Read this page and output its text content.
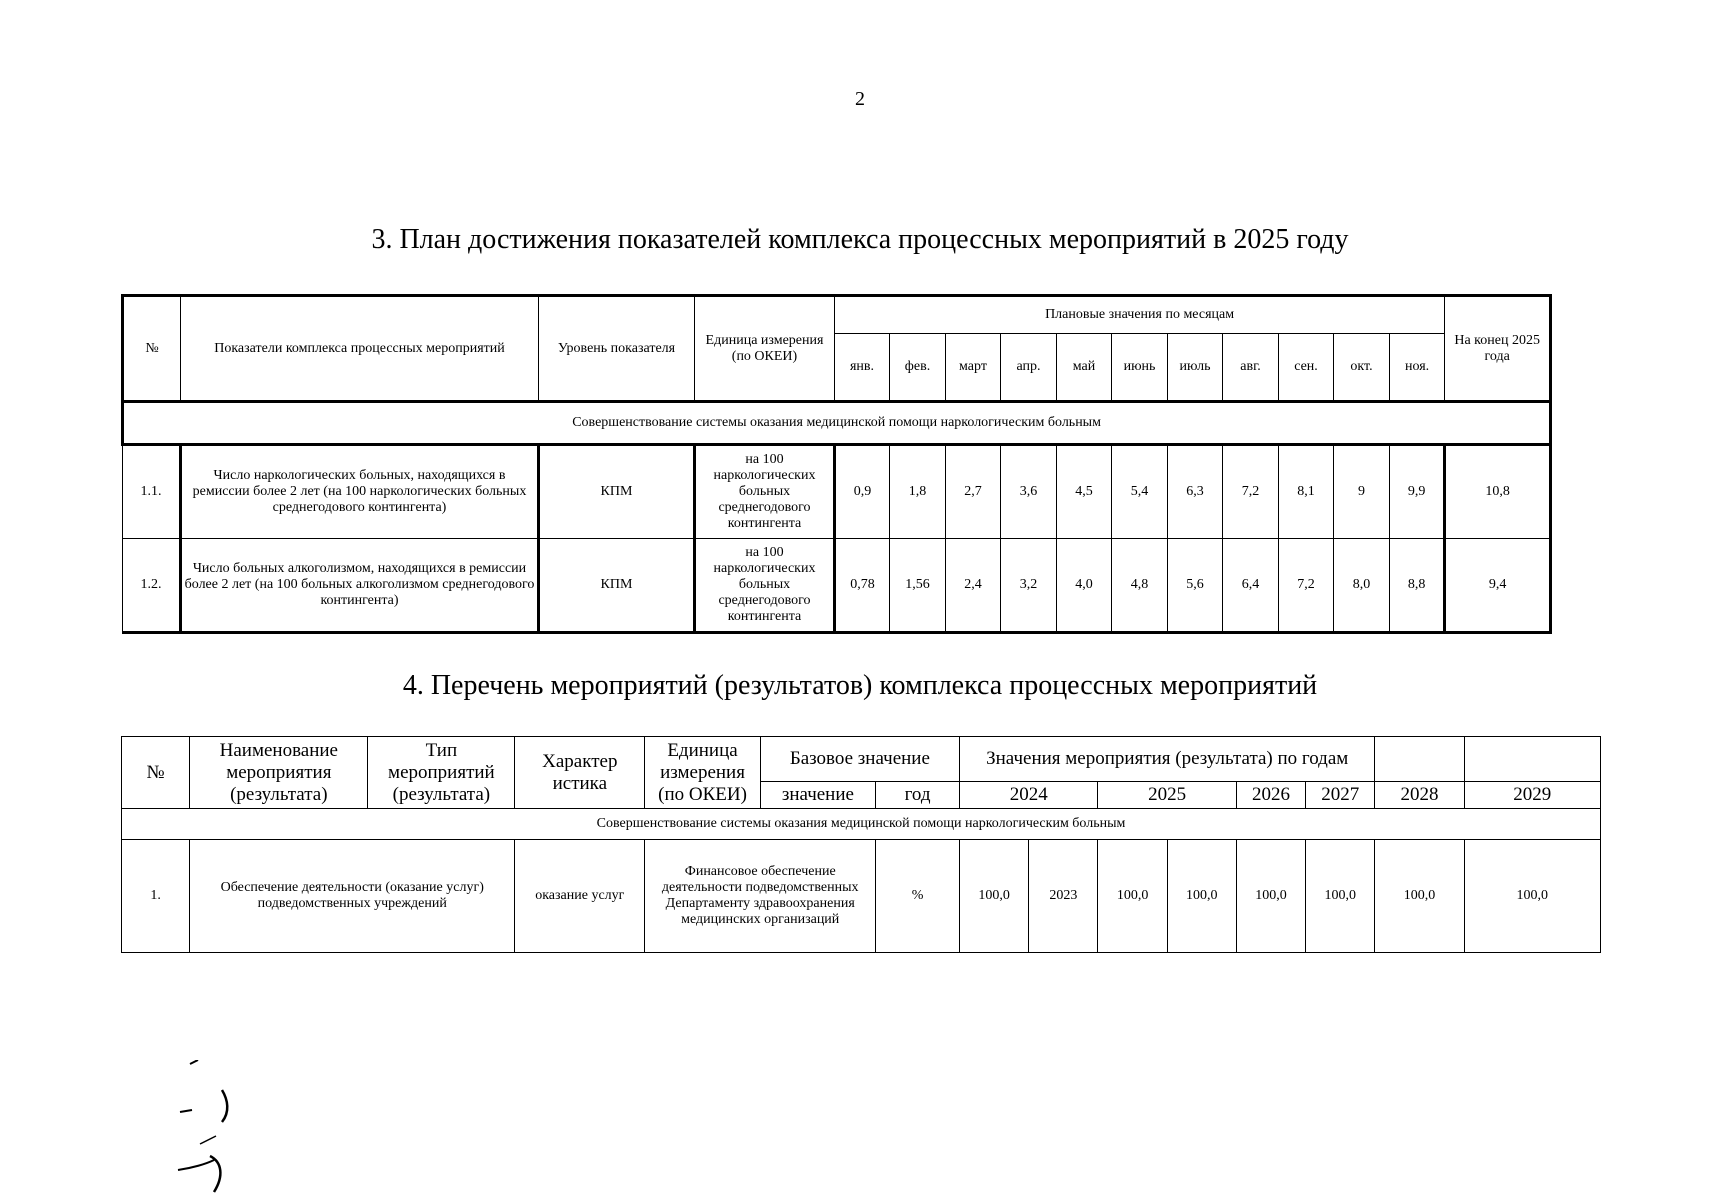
2
3. План достижения показателей комплекса процессных мероприятий в 2025 году
№	Показатели комплекса процессных мероприятий	Уровень показателя	Единица измерения (по ОКЕИ)	Плановые значения по месяцам											На конец 2025 года
				янв.	фев.	март	апр.	май	июнь	июль	авг.	сен.	окт.	ноя.	
Совершенствование системы оказания медицинской помощи наркологическим больным															
1.1.	Число наркологических больных, находящихся в ремиссии более 2 лет (на 100 наркологических больных среднегодового контингента)	КПМ	на 100 наркологических больных среднегодового контингента	0,9	1,8	2,7	3,6	4,5	5,4	6,3	7,2	8,1	9	9,9	10,8
1.2.	Число больных алкоголизмом, находящихся в ремиссии более 2 лет (на 100 больных алкоголизмом среднегодового контингента)	КПМ	на 100 наркологических больных среднегодового контингента	0,78	1,56	2,4	3,2	4,0	4,8	5,6	6,4	7,2	8,0	8,8	9,4
4. Перечень мероприятий (результатов) комплекса процессных мероприятий
№	Наименование мероприятия (результата)	Тип мероприятий (результата)	Характер истика	Единица измерения (по ОКЕИ)	Базовое значение		Значения мероприятия (результата) по годам							
					значение	год	2024		2025		2026	2027	2028	2029
Совершенствование системы оказания медицинской помощи наркологическим больным														
1.	Обеспечение деятельности (оказание услуг) подведомственных учреждений		оказание услуг	Финансовое обеспечение деятельности подведомственных Департаменту здравоохранения медицинских организаций		%	100,0	2023	100,0	100,0	100,0	100,0	100,0	100,0
